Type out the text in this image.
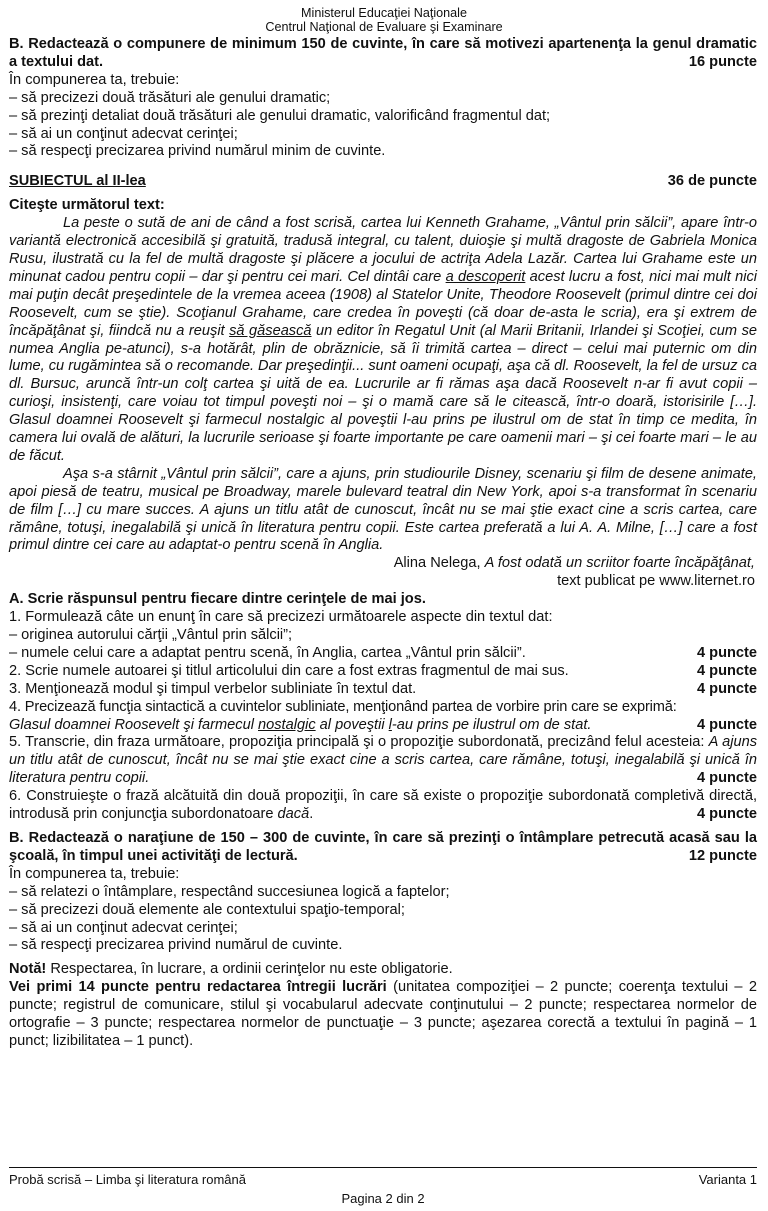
Ministerul Educaţiei Naţionale
Centrul Naţional de Evaluare şi Examinare

B. Redactează o compunere de minimum 150 de cuvinte, în care să motivezi apartenenţa la genul dramatic a textului dat.	16 puncte

În compunerea ta, trebuie:

– să precizezi două trăsături ale genului dramatic;

– să prezinţi detaliat două trăsături ale genului dramatic, valorificând fragmentul dat;

– să ai un conţinut adecvat cerinţei;

– să respecţi precizarea privind numărul minim de cuvinte.

SUBIECTUL al II-lea	36 de puncte

Citeşte următorul text:

La peste o sută de ani de când a fost scrisă, cartea lui Kenneth Grahame, „Vântul prin sălcii”, apare într-o variantă electronică accesibilă şi gratuită, tradusă integral, cu talent, duioşie şi multă dragoste de Gabriela Monica Rusu, ilustrată cu la fel de multă dragoste şi plăcere a jocului de actriţa Adela Lazăr. Cartea lui Grahame este un minunat cadou pentru copii – dar şi pentru cei mari. Cel dintâi care a descoperit acest lucru a fost, nici mai mult nici mai puţin decât preşedintele de la vremea aceea (1908) al Statelor Unite, Theodore Roosevelt (primul dintre cei doi Roosevelt, cum se ştie). Scoţianul Grahame, care credea în poveşti (că doar de-asta le scria), era şi extrem de încăpăţânat şi, fiindcă nu a reuşit să găsească un editor în Regatul Unit (al Marii Britanii, Irlandei şi Scoţiei, cum se numea Anglia pe-atunci), s-a hotărât, plin de obrăznicie, să îi trimită cartea – direct – celui mai puternic om din lume, cu rugămintea să o recomande. Dar preşedinţii... sunt oameni ocupaţi, aşa că dl. Roosevelt, la fel de ursuz ca dl. Bursuc, aruncă într-un colţ cartea şi uită de ea. Lucrurile ar fi rămas aşa dacă Roosevelt n-ar fi avut copii – curioşi, insistenţi, care voiau tot timpul poveşti noi – şi o mamă care să le citească, într-o doară, istorisirile […]. Glasul doamnei Roosevelt şi farmecul nostalgic al poveştii l-au prins pe ilustrul om de stat în timp ce medita, în camera lui ovală de alături, la lucrurile serioase şi foarte importante pe care oamenii mari – şi cei foarte mari – le au de făcut.

Aşa s-a stârnit „Vântul prin sălcii”, care a ajuns, prin studiourile Disney, scenariu şi film de desene animate, apoi piesă de teatru, musical pe Broadway, marele bulevard teatral din New York, apoi s-a transformat în scenariu de film […] cu mare succes. A ajuns un titlu atât de cunoscut, încât nu se mai ştie exact cine a scris cartea, care rămâne, totuşi, inegalabilă şi unică în literatura pentru copii. Este cartea preferată a lui A. A. Milne, […] care a fost primul dintre cei care au adaptat-o pentru scenă în Anglia.

Alina Nelega, A fost odată un scriitor foarte încăpăţânat,

text publicat pe www.liternet.ro

A. Scrie răspunsul pentru fiecare dintre cerinţele de mai jos.

1. Formulează câte un enunţ în care să precizezi următoarele aspecte din textul dat:

– originea autorului cărţii „Vântul prin sălcii”;

– numele celui care a adaptat pentru scenă, în Anglia, cartea „Vântul prin sălcii”.	4 puncte
2. Scrie numele autoarei şi titlul articolului din care a fost extras fragmentul de mai sus.	4 puncte
3. Menţionează modul şi timpul verbelor subliniate în textul dat.	4 puncte

4. Precizează funcţia sintactică a cuvintelor subliniate, menţionând partea de vorbire prin care se exprimă:

Glasul doamnei Roosevelt şi farmecul nostalgic al poveştii l-au prins pe ilustrul om de stat.	4 puncte

5. Transcrie, din fraza următoare, propoziţia principală şi o propoziţie subordonată, precizând felul acesteia: A ajuns un titlu atât de cunoscut, încât nu se mai ştie exact cine a scris cartea, care rămâne, totuşi, inegalabilă şi unică în literatura pentru copii.	4 puncte

6. Construieşte o frază alcătuită din două propoziţii, în care să existe o propoziţie subordonată completivă directă, introdusă prin conjuncţia subordonatoare dacă.	4 puncte

B. Redactează o naraţiune de 150 – 300 de cuvinte, în care să prezinţi o întâmplare petrecută acasă sau la şcoală, în timpul unei activităţi de lectură.	12 puncte

În compunerea ta, trebuie:

– să relatezi o întâmplare, respectând succesiunea logică a faptelor;

– să precizezi două elemente ale contextului spaţio-temporal;

– să ai un conţinut adecvat cerinţei;

– să respecţi precizarea privind numărul de cuvinte.

Notă! Respectarea, în lucrare, a ordinii cerinţelor nu este obligatorie.

Vei primi 14 puncte pentru redactarea întregii lucrări (unitatea compoziţiei – 2 puncte; coerenţa textului – 2 puncte; registrul de comunicare, stilul şi vocabularul adecvate conţinutului – 2 puncte; respectarea normelor de ortografie – 3 puncte; respectarea normelor de punctuaţie – 3 puncte; aşezarea corectă a textului în pagină – 1 punct; lizibilitatea – 1 punct).

Probă scrisă – Limba şi literatura română	Varianta 1
Pagina 2 din 2
